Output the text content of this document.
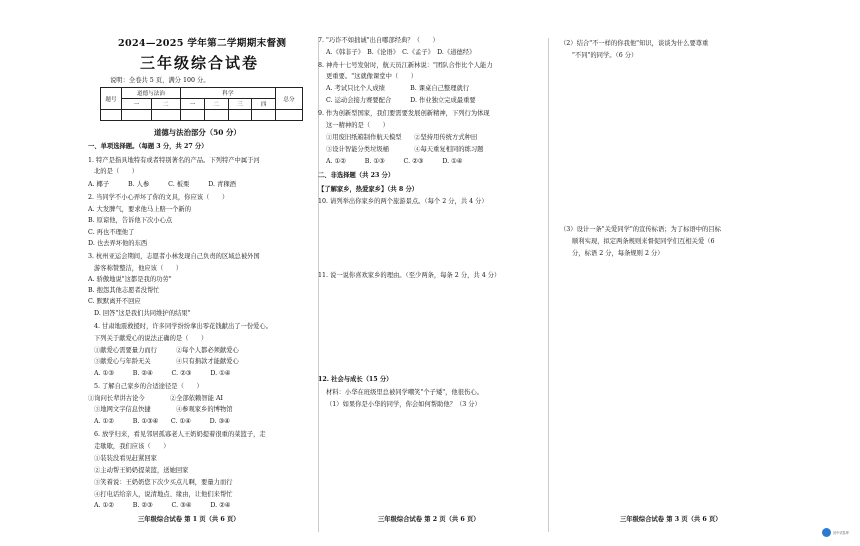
2024—2025 学年第二学期期末督测
三年级综合试卷
说明：全卷共 5 页，满分 100 分。
题号	道德与法治		科学				总分
	一	二	一	二	三	四	

道德与法治部分（50 分）
一、单项选择题。（每题 3 分，共 27 分）
1. 特产是指具地特有或者特别著名的产品。下列特产中属于河
北的是（　　）
A. 椰子　　　B. 人参　　　C. 板栗　　　D. 青稞酒
2. 当同学不小心弄坏了你的文具，你应该（　　）
A. 大发脾气，要求他马上赔一个新的
B. 原谅他，告诉他下次小心点
C. 再也不理他了
D. 也去弄坏他的东西
3. 杭州亚运会期间，志愿者小林发现自己负责的区域总被外国
游客称赞整洁，他应该（　　）
A. 骄傲地说"这都是我的功劳"
B. 抱怨其他志愿者没帮忙
C. 默默离开不回应
D. 回答"这是我们共同维护的结果"
4. 甘肃地震救援时，许多同学纷纷拿出零花钱献出了一份爱心。
下列关于献爱心的说法正确的是（　　）
①献爱心需要量力而行　　　②每个人都必须献爱心
③献爱心与年龄无关　　　　④只有捐款才能献爱心
A. ①③　　　B. ②④　　　C. ②③　　　D. ①④
5. 了解自己家乡的合适途径是（　　）
①询问长辈讲古论今　　　　②全部依赖智能 AI
③地网文字信息快捷　　　　④参观家乡的博物馆
A. ①②　　　B. ①③④　　C. ①④　　　D. ③④
6. 放学归来，看见邻居孤寡老人王奶奶提着很重的菜篮子，走
走歇歇，我们应该（　　）
①装装没看见赶紧回家
②主动帮王奶奶提菜篮，送她回家
③笑着说：王奶奶您下次少买点儿啊，要量力而行
④打电话给亲人，说清地点、缘由，让他们来帮忙
A. ①②　　　B. ②③　　　C. ③④　　　D. ②④
三年级综合试卷 第 1 页（共 6 页）
7. "巧诈不如拙诚"出自哪部经典？（　　）
A.《韩非子》　B.《论语》　C.《孟子》　D.《道德经》
8. 神舟十七号发射时，航天员江新林说："团队合作比个人能力
更重要。"这就像课堂中（　　）
A. 考试只比个人成绩　　　　B. 课桌自己整理就行
C. 运动会接力赛要配合　　　D. 作业独立完成最重要
9. 作为创新型国家，我们要需要发展创新精神，下列行为体现
这一精神的是（　　）
①用废旧纸箱制作航天模型　　②坚持用传统方式种田
③设计智能分类垃圾桶　　　　④每天重复相同的练习题
A. ①②　　　B. ①③　　　C. ②③　　　D. ①④
二、非选择题（共 23 分）
【了解家乡，热爱家乡】（共 8 分）
10. 请列举出你家乡的两个旅游景点。（每个 2 分，共 4 分）
11. 说一说你喜欢家乡的理由。（至少两条，每条 2 分，共 4 分）
12. 社会与成长（15 分）
材料：小华在班级里总被同学嘲笑"个子矮"，他很伤心。
（1）如果你是小华的同学，你会如何帮助他？（3 分）
三年级综合试卷 第 2 页（共 6 页）
（2）结合"不一样的你我他"知识，谈谈为什么要尊重
"不同"的同学。（6 分）
（3）设计一条"关爱同学"的宣传标语；为了标语中的目标
顺利实现，拟定两条规则来督促同学们互相关爱（6
分，标语 2 分，每条规则 2 分）
三年级综合试卷 第 3 页（共 6 页）
初中试卷库
